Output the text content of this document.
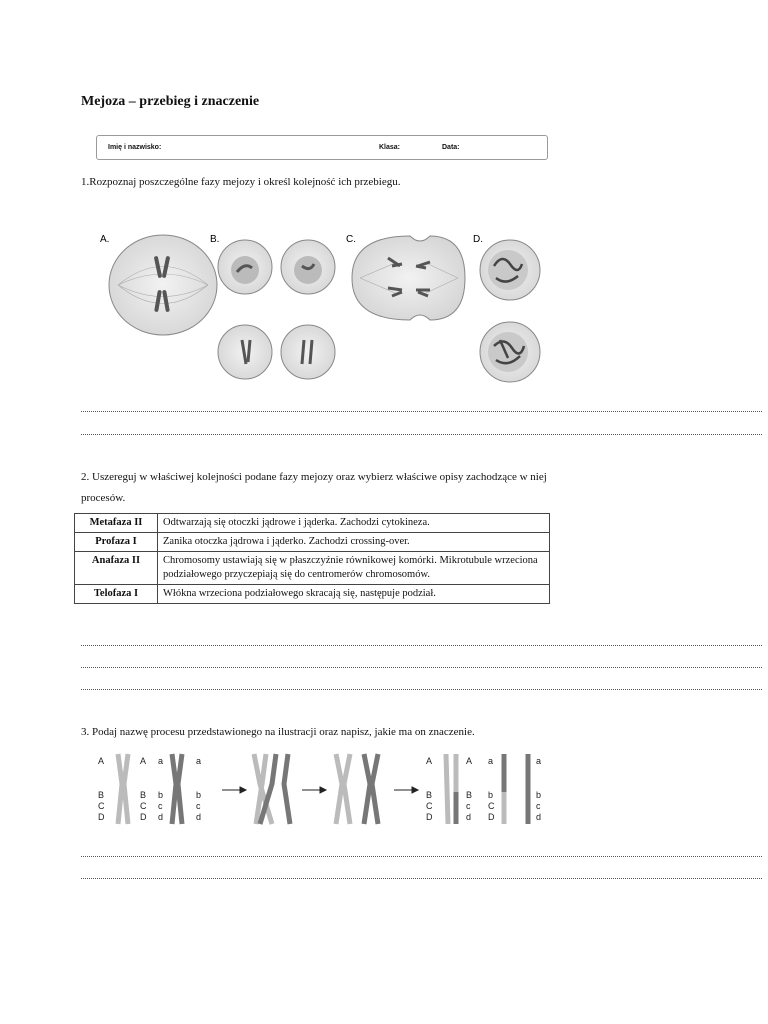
Mejoza – przebieg i znaczenie
Imię i nazwisko:	Klasa:	Data:
1.Rozpoznaj poszczególne fazy mejozy i określ kolejność ich przebiegu.
A.	B.	C.	D.
2. Uszereguj w właściwej kolejności podane fazy mejozy oraz wybierz właściwe opisy zachodzące w niej
procesów.
Metafaza II	Odtwarzają się otoczki jądrowe i jąderka. Zachodzi cytokineza.
Profaza I	Zanika otoczka jądrowa i jąderko. Zachodzi crossing-over.
Anafaza II	Chromosomy ustawiają się w płaszczyźnie równikowej komórki. Mikrotubule wrzeciona podziałowego przyczepiają się do centromerów chromosomów.
Telofaza I	Włókna wrzeciona podziałowego skracają się, następuje podział.
3. Podaj nazwę procesu przedstawionego na ilustracji oraz napisz, jakie ma on znaczenie.
A
B
C
D
A
B
C
D
a
b
c
d
a
b
c
d
A
B
C
D
A
B
c
d
a
b
C
D
a
b
c
d
